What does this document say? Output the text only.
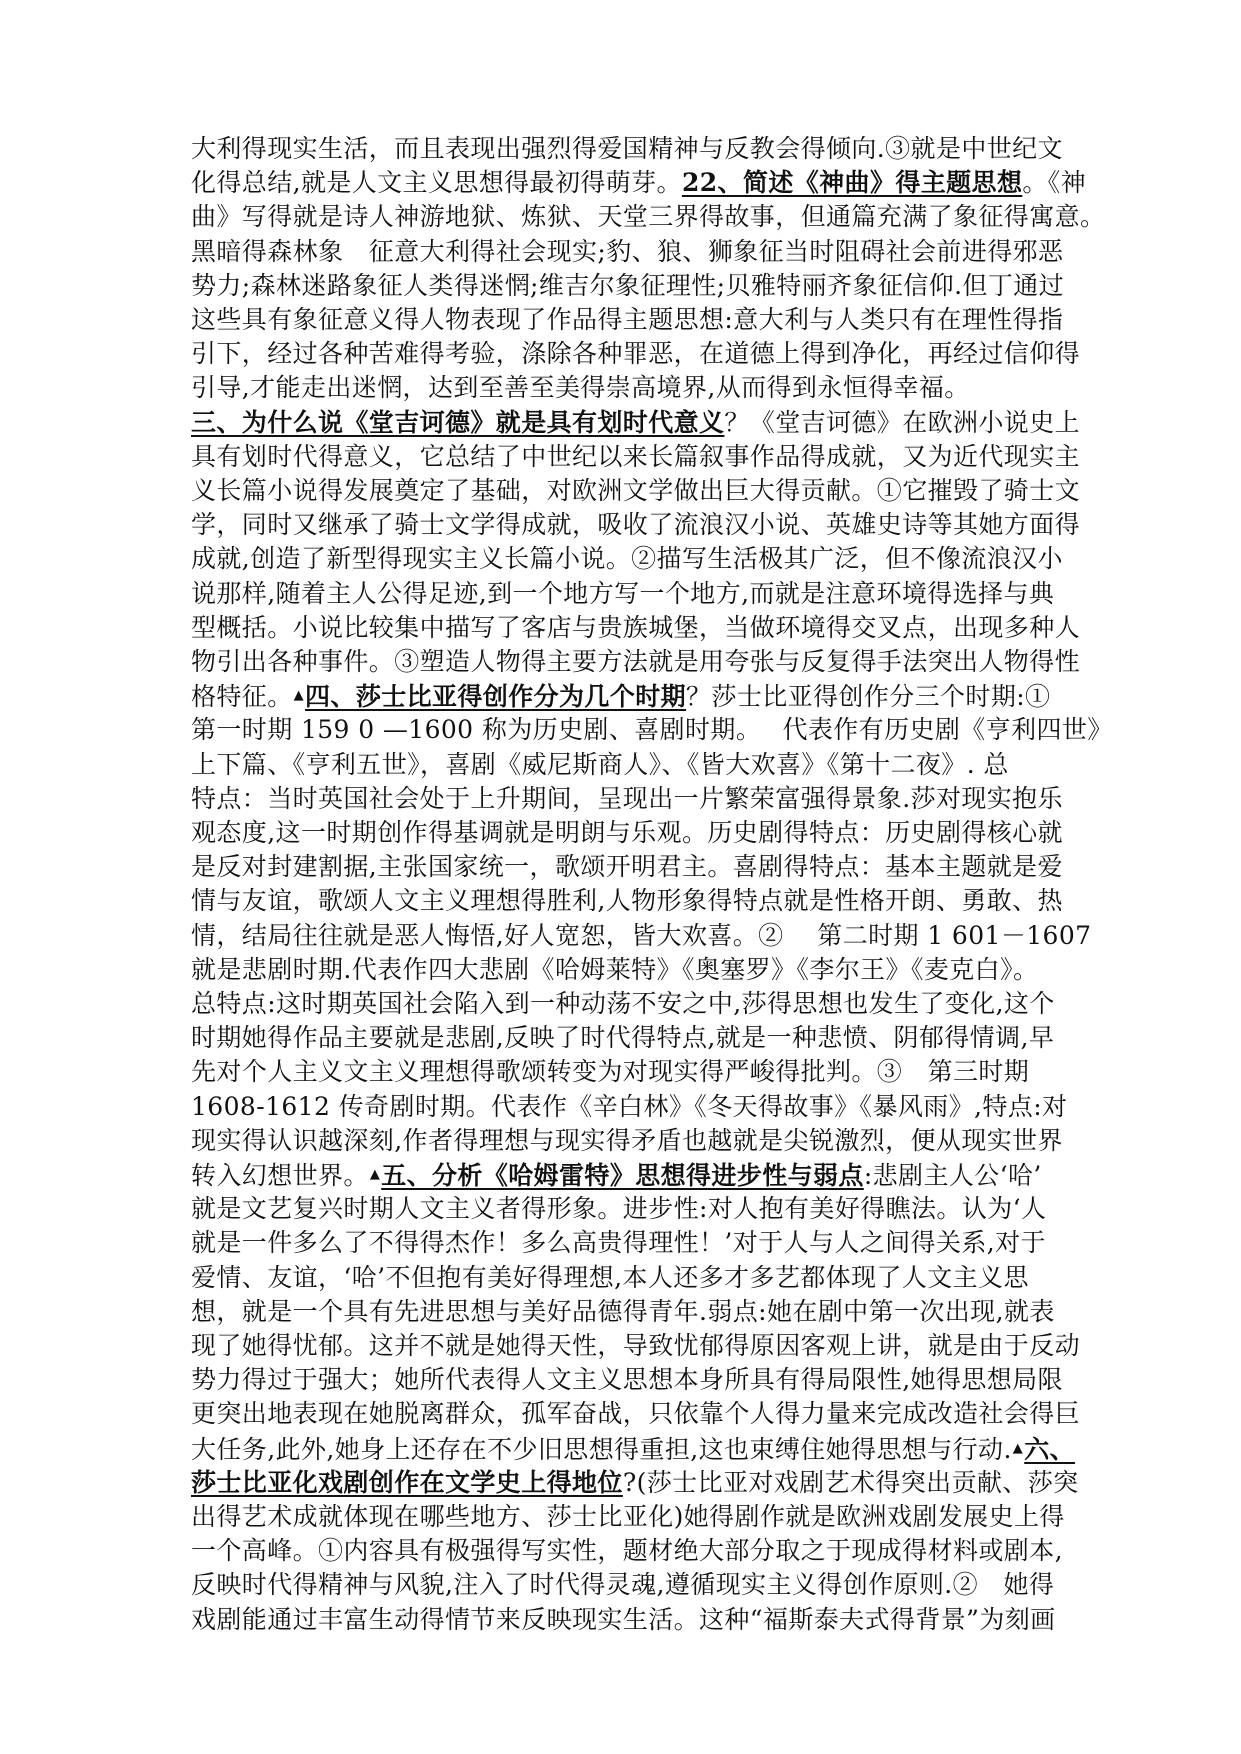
大利得现实生活，而且表现出强烈得爱国精神与反教会得倾向.③就是中世纪文
化得总结,就是人文主义思想得最初得萌芽。22、简述《神曲》得主题思想。《神
曲》写得就是诗人神游地狱、炼狱、天堂三界得故事，但通篇充满了象征得寓意。
黑暗得森林象　征意大利得社会现实;豹、狼、狮象征当时阻碍社会前进得邪恶
势力;森林迷路象征人类得迷惘;维吉尔象征理性;贝雅特丽齐象征信仰.但丁通过
这些具有象征意义得人物表现了作品得主题思想:意大利与人类只有在理性得指
引下，经过各种苦难得考验，涤除各种罪恶，在道德上得到净化，再经过信仰得
引导,才能走出迷惘，达到至善至美得崇高境界,从而得到永恒得幸福。
三、为什么说《堂吉诃德》就是具有划时代意义？《堂吉诃德》在欧洲小说史上
具有划时代得意义，它总结了中世纪以来长篇叙事作品得成就，又为近代现实主
义长篇小说得发展奠定了基础，对欧洲文学做出巨大得贡献。①它摧毁了骑士文
学，同时又继承了骑士文学得成就，吸收了流浪汉小说、英雄史诗等其她方面得
成就,创造了新型得现实主义长篇小说。②描写生活极其广泛，但不像流浪汉小
说那样,随着主人公得足迹,到一个地方写一个地方,而就是注意环境得选择与典
型概括。小说比较集中描写了客店与贵族城堡，当做环境得交叉点，出现多种人
物引出各种事件。③塑造人物得主要方法就是用夸张与反复得手法突出人物得性
格特征。▲四、莎士比亚得创作分为几个时期？莎士比亚得创作分三个时期:①
第一时期 159 0 —1600 称为历史剧、喜剧时期。　 代表作有历史剧《亨利四世》
上下篇、《亨利五世》，喜剧《威尼斯商人》、《皆大欢喜》《第十二夜》. 总
特点：当时英国社会处于上升期间，呈现出一片繁荣富强得景象.莎对现实抱乐
观态度,这一时期创作得基调就是明朗与乐观。历史剧得特点：历史剧得核心就
是反对封建割据,主张国家统一，歌颂开明君主。喜剧得特点：基本主题就是爱
情与友谊，歌颂人文主义理想得胜利,人物形象得特点就是性格开朗、勇敢、热
情，结局往往就是恶人悔悟,好人宽恕，皆大欢喜。② 　第二时期 1 601－1607
就是悲剧时期.代表作四大悲剧《哈姆莱特》《奥塞罗》《李尔王》《麦克白》。
总特点:这时期英国社会陷入到一种动荡不安之中,莎得思想也发生了变化,这个
时期她得作品主要就是悲剧,反映了时代得特点,就是一种悲愤、阴郁得情调,早
先对个人主义文主义理想得歌颂转变为对现实得严峻得批判。③　第三时期
1608-1612 传奇剧时期。代表作《辛白林》《冬天得故事》《暴风雨》,特点:对
现实得认识越深刻,作者得理想与现实得矛盾也越就是尖锐激烈，便从现实世界
转入幻想世界。▲五、分析《哈姆雷特》思想得进步性与弱点:悲剧主人公‘哈’
就是文艺复兴时期人文主义者得形象。进步性:对人抱有美好得瞧法。认为‘人
就是一件多么了不得得杰作！多么高贵得理性！’对于人与人之间得关系,对于
爱情、友谊，‘哈’不但抱有美好得理想,本人还多才多艺都体现了人文主义思
想，就是一个具有先进思想与美好品德得青年.弱点:她在剧中第一次出现,就表
现了她得忧郁。这并不就是她得天性，导致忧郁得原因客观上讲，就是由于反动
势力得过于强大；她所代表得人文主义思想本身所具有得局限性,她得思想局限
更突出地表现在她脱离群众，孤军奋战，只依靠个人得力量来完成改造社会得巨
大任务,此外,她身上还存在不少旧思想得重担,这也束缚住她得思想与行动.▲六、
莎士比亚化戏剧创作在文学史上得地位?(莎士比亚对戏剧艺术得突出贡献、莎突
出得艺术成就体现在哪些地方、莎士比亚化)她得剧作就是欧洲戏剧发展史上得
一个高峰。①内容具有极强得写实性，题材绝大部分取之于现成得材料或剧本,
反映时代得精神与风貌,注入了时代得灵魂,遵循现实主义得创作原则.②　她得
戏剧能通过丰富生动得情节来反映现实生活。这种“福斯泰夫式得背景”为刻画
